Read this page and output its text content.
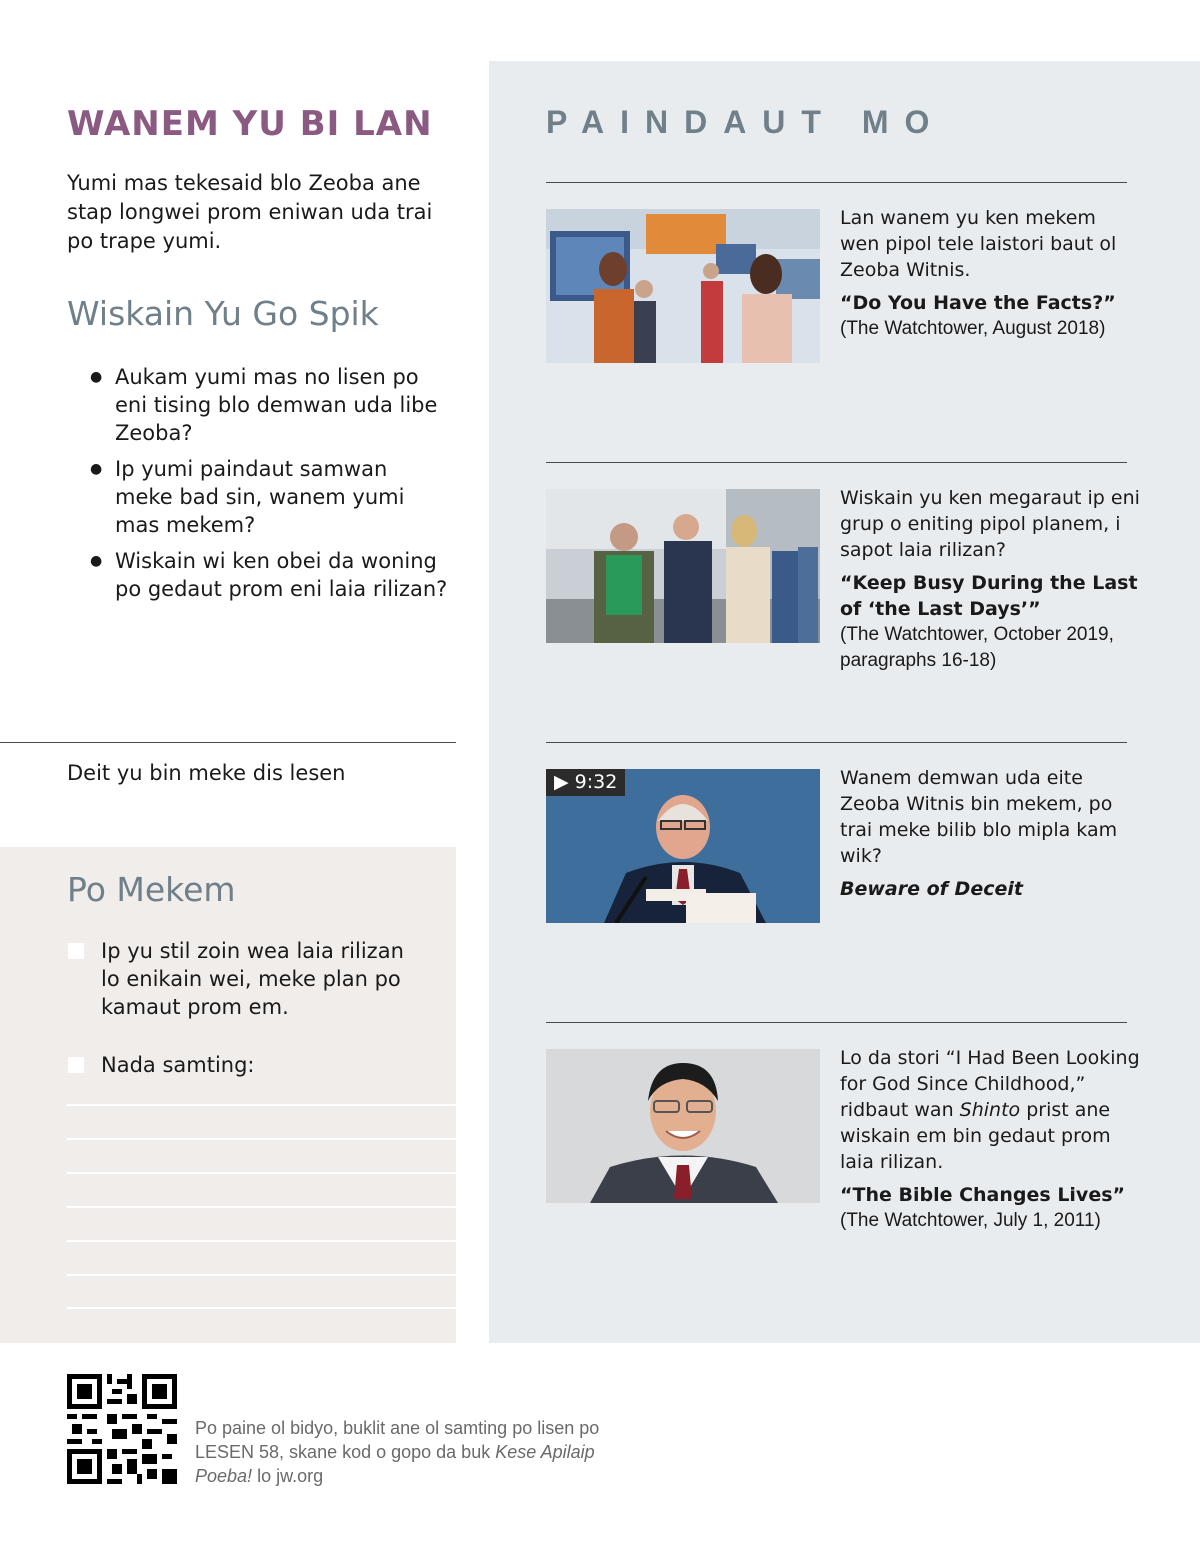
PAINDAUT MO

Lan wanem yu ken mekem wen pipol tele laistori baut ol Zeoba Witnis.

“Do You Have the Facts?”

(The Watchtower, August 2018)

Wiskain yu ken megaraut ip eni grup o eniting pipol planem, i sapot laia rilizan?

“Keep Busy During the Last of ‘the Last Days’”

(The Watchtower, October 2019, paragraphs 16-18)

▶ 9:32	Wanem demwan uda eite Zeoba Witnis bin mekem, po trai meke bilib blo mipla kam wik?

Beware of Deceit

Lo da stori “I Had Been Looking for God Since Childhood,” ridbaut wan Shinto prist ane wiskain em bin gedaut prom laia rilizan.

“The Bible Changes Lives”

(The Watchtower, July 1, 2011)

WANEM YU BI LAN

Yumi mas tekesaid blo Zeoba ane stap longwei prom eniwan uda trai po trape yumi.

Wiskain Yu Go Spik
● Aukam yumi mas no lisen po eni tising blo demwan uda libe Zeoba?
● Ip yumi paindaut samwan meke bad sin, wanem yumi mas mekem?
● Wiskain wi ken obei da woning po gedaut prom eni laia rilizan?
Deit yu bin meke dis lesen
Po Mekem
Ip yu stil zoin wea laia rilizan lo enikain wei, meke plan po kamaut prom em.
Nada samting:
Po paine ol bidyo, buklit ane ol samting po lisen po LESEN 58, skane kod o gopo da buk Kese Apilaip Poeba! lo jw.org
